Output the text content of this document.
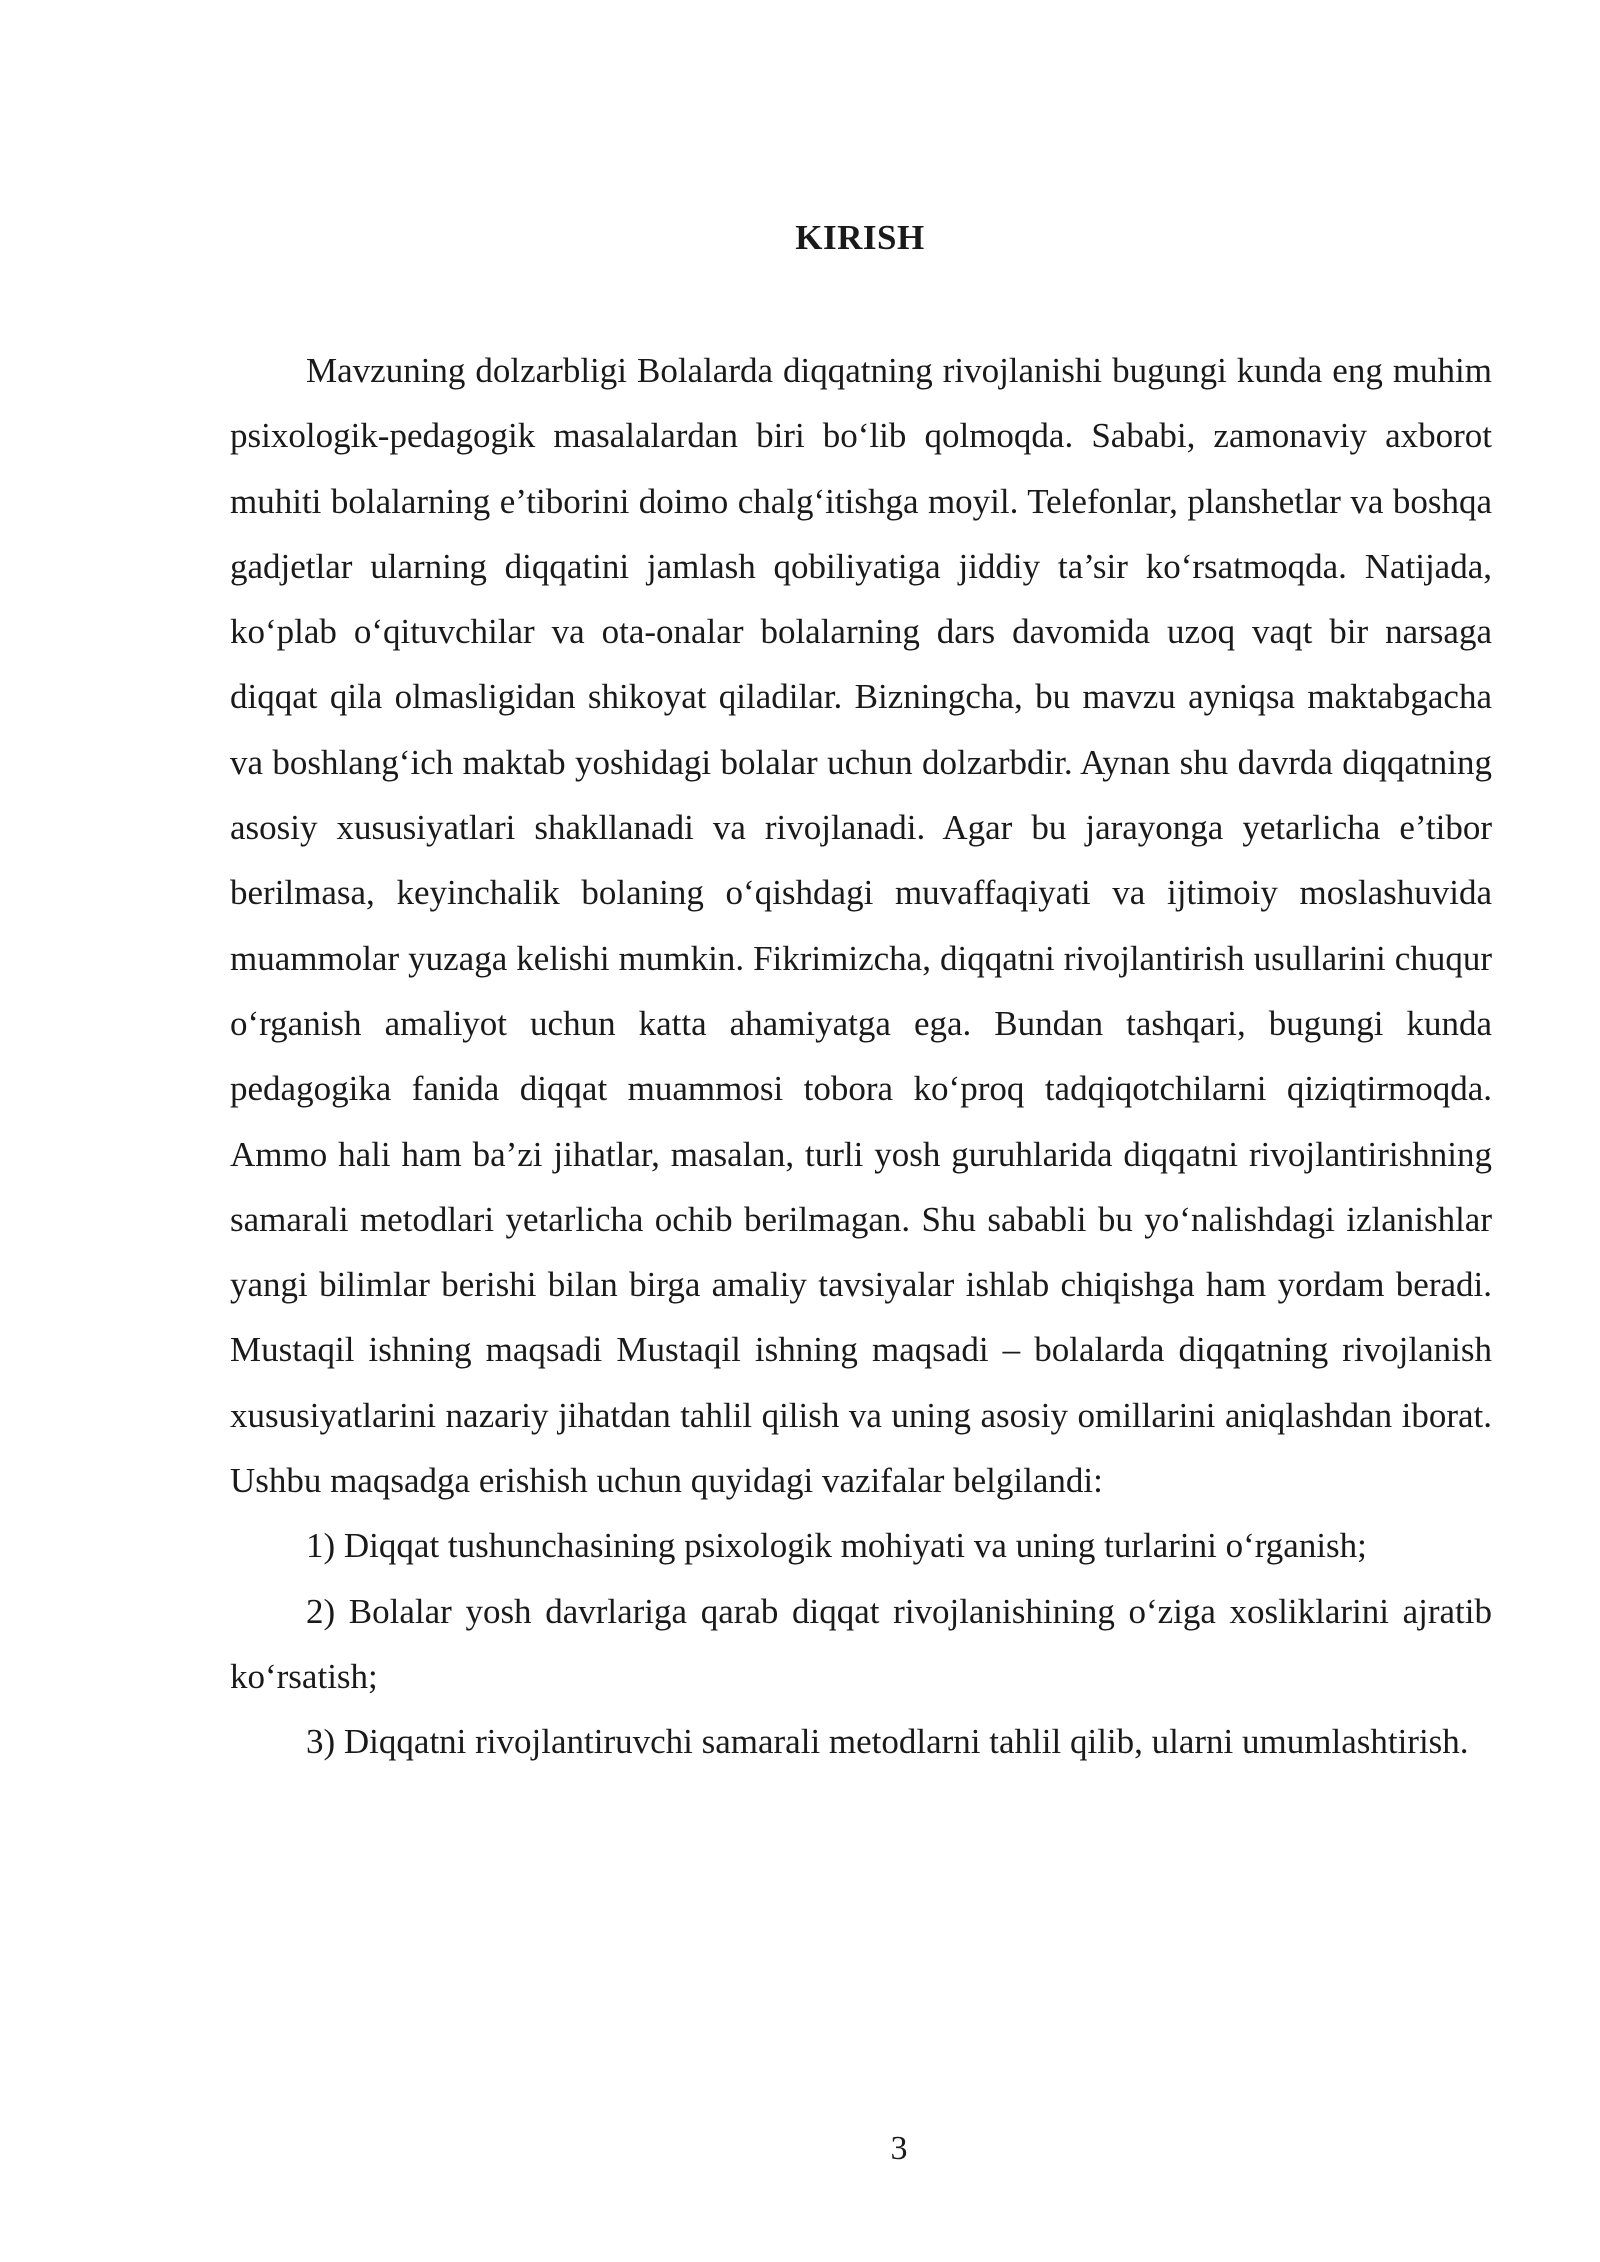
KIRISH

Mavzuning dolzarbligi Bolalarda diqqatning rivojlanishi bugungi kunda eng muhim psixologik-pedagogik masalalardan biri bo‘lib qolmoqda. Sababi, zamonaviy axborot muhiti bolalarning e’tiborini doimo chalg‘itishga moyil. Telefonlar, planshetlar va boshqa gadjetlar ularning diqqatini jamlash qobiliyatiga jiddiy ta’sir ko‘rsatmoqda. Natijada, ko‘plab o‘qituvchilar va ota-onalar bolalarning dars davomida uzoq vaqt bir narsaga diqqat qila olmasligidan shikoyat qiladilar. Bizningcha, bu mavzu ayniqsa maktabgacha va boshlang‘ich maktab yoshidagi bolalar uchun dolzarbdir. Aynan shu davrda diqqatning asosiy xususiyatlari shakllanadi va rivojlanadi. Agar bu jarayonga yetarlicha e’tibor berilmasa, keyinchalik bolaning o‘qishdagi muvaffaqiyati va ijtimoiy moslashuvida muammolar yuzaga kelishi mumkin. Fikrimizcha, diqqatni rivojlantirish usullarini chuqur o‘rganish amaliyot uchun katta ahamiyatga ega. Bundan tashqari, bugungi kunda pedagogika fanida diqqat muammosi tobora ko‘proq tadqiqotchilarni qiziqtirmoqda. Ammo hali ham ba’zi jihatlar, masalan, turli yosh guruhlarida diqqatni rivojlantirishning samarali metodlari yetarlicha ochib berilmagan. Shu sababli bu yo‘nalishdagi izlanishlar yangi bilimlar berishi bilan birga amaliy tavsiyalar ishlab chiqishga ham yordam beradi. Mustaqil ishning maqsadi Mustaqil ishning maqsadi – bolalarda diqqatning rivojlanish xususiyatlarini nazariy jihatdan tahlil qilish va uning asosiy omillarini aniqlashdan iborat. Ushbu maqsadga erishish uchun quyidagi vazifalar belgilandi:

1) Diqqat tushunchasining psixologik mohiyati va uning turlarini o‘rganish;

2) Bolalar yosh davrlariga qarab diqqat rivojlanishining o‘ziga xosliklarini ajratib ko‘rsatish;

3) Diqqatni rivojlantiruvchi samarali metodlarni tahlil qilib, ularni umumlashtirish.

3
